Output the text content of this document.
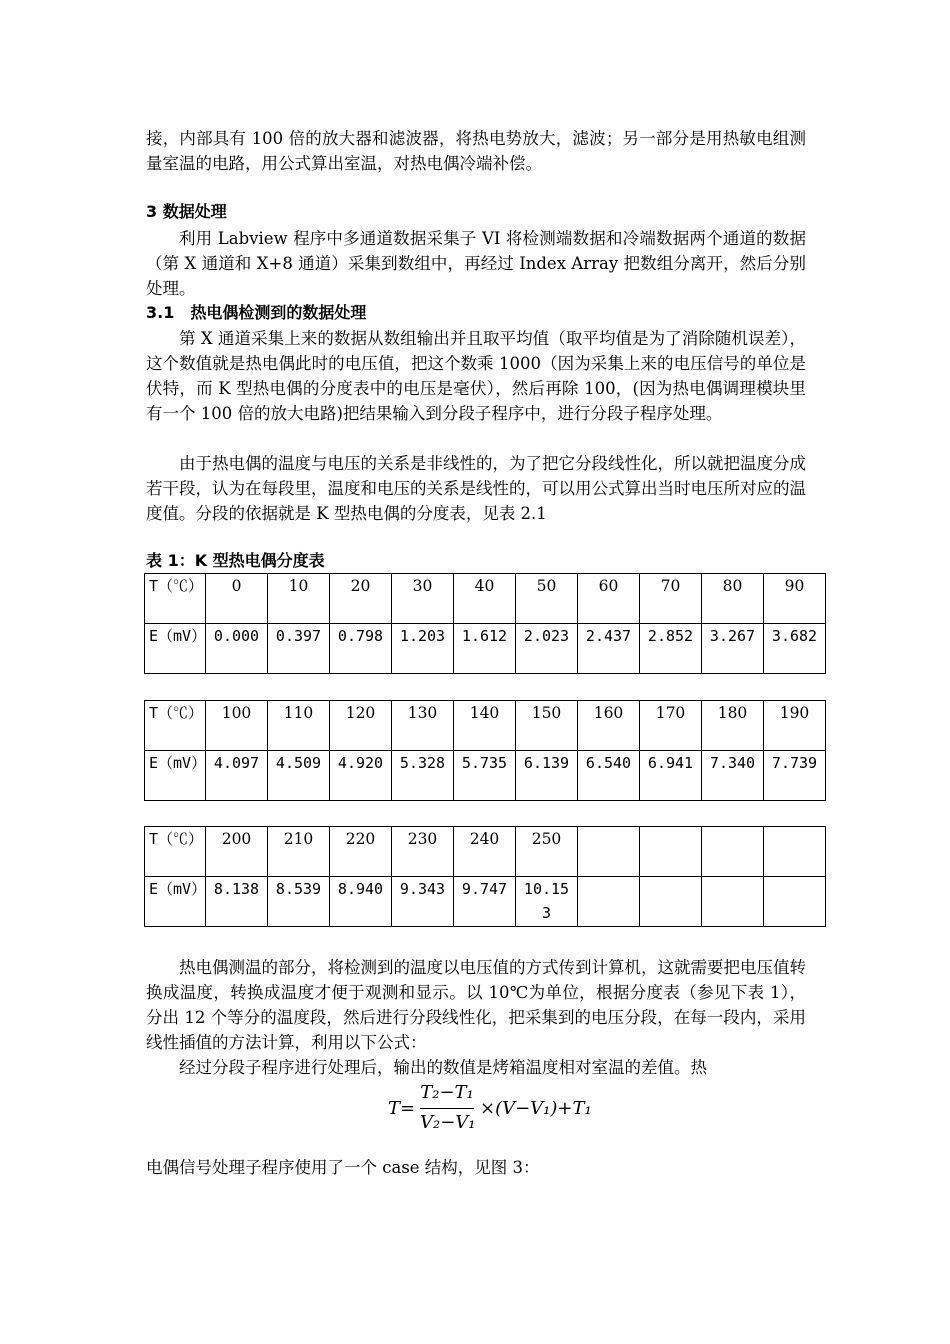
接，内部具有 100 倍的放大器和滤波器，将热电势放大，滤波；另一部分是用热敏电组测量室温的电路，用公式算出室温，对热电偶冷端补偿。
3 数据处理
利用 Labview 程序中多通道数据采集子 VI 将检测端数据和冷端数据两个通道的数据（第 X 通道和 X+8 通道）采集到数组中，再经过 Index Array 把数组分离开，然后分别处理。
3.1　热电偶检测到的数据处理
第 X 通道采集上来的数据从数组输出并且取平均值（取平均值是为了消除随机误差），这个数值就是热电偶此时的电压值，把这个数乘 1000（因为采集上来的电压信号的单位是伏特，而 K 型热电偶的分度表中的电压是毫伏），然后再除 100，(因为热电偶调理模块里有一个 100 倍的放大电路)把结果输入到分段子程序中，进行分段子程序处理。
由于热电偶的温度与电压的关系是非线性的，为了把它分段线性化，所以就把温度分成若干段，认为在每段里，温度和电压的关系是线性的，可以用公式算出当时电压所对应的温度值。分段的依据就是 K 型热电偶的分度表，见表 2.1
表 1：K 型热电偶分度表
T（℃）	0	10	20	30	40	50	60	70	80	90
E（mV）	0.000	0.397	0.798	1.203	1.612	2.023	2.437	2.852	3.267	3.682
T（℃）	100	110	120	130	140	150	160	170	180	190
E（mV）	4.097	4.509	4.920	5.328	5.735	6.139	6.540	6.941	7.340	7.739
T（℃）	200	210	220	230	240	250				
E（mV）	8.138	8.539	8.940	9.343	9.747	10.153				
热电偶测温的部分，将检测到的温度以电压值的方式传到计算机，这就需要把电压值转换成温度，转换成温度才便于观测和显示。以 10℃为单位，根据分度表（参见下表 1），分出 12 个等分的温度段，然后进行分段线性化，把采集到的电压分段，在每一段内，采用线性插值的方法计算，利用以下公式：
经过分段子程序进行处理后，输出的数值是烤箱温度相对室温的差值。热
$T= \frac{\text{T₂−T₁}}{\text{V₂−V₁}} \times(V-V_1)+T_1$
电偶信号处理子程序使用了一个 case 结构，见图 3：
